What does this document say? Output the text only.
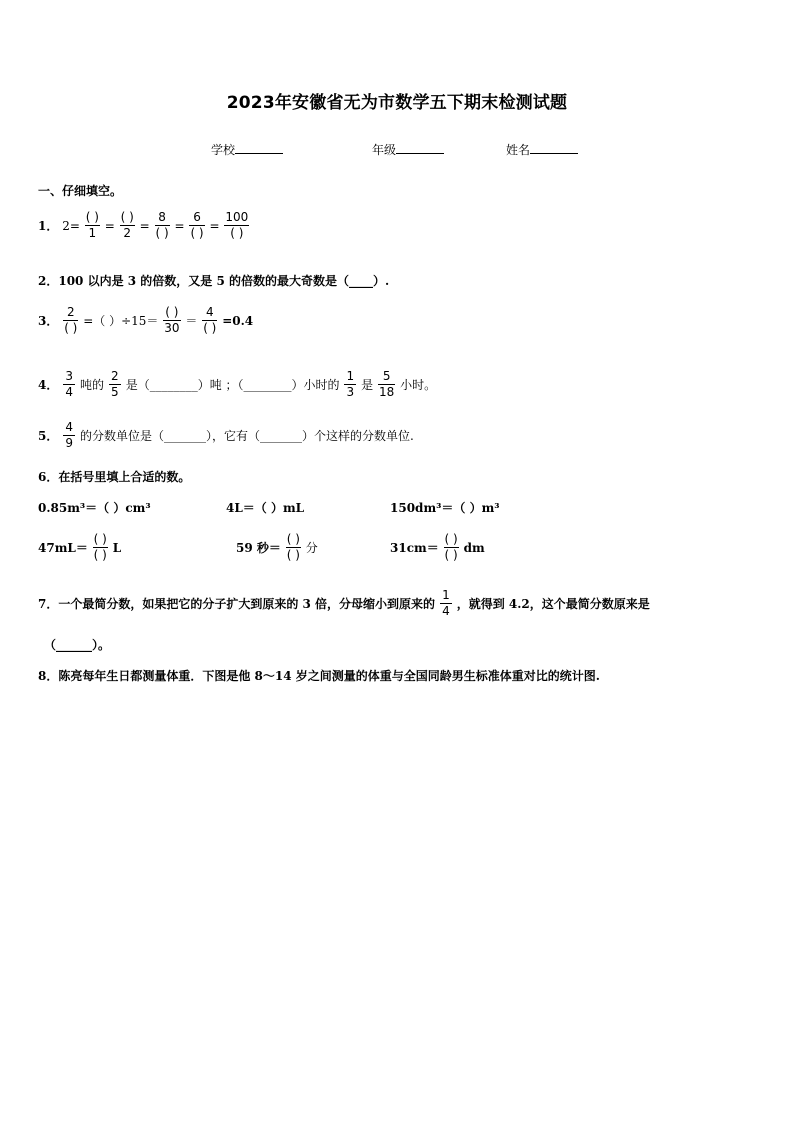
2023年安徽省无为市数学五下期末检测试题
学校	年级	姓名
一、仔细填空。
1． $2= \frac{( )}{1} = \frac{( )}{2} = \frac{8}{( )} = \frac{6}{( )} = \frac{100}{( )}$
2．100 以内是 3 的倍数，又是 5 的倍数的最大奇数是（____）.
3． $\frac{2}{( )}$ =（ ）$\div 15= \frac{( )}{30} = \frac{4}{( )} =0.4$
4． $\frac{3}{4}$ 吨的 $\frac{2}{5}$ 是（________）吨 ；（________）小时的 $\frac{1}{3}$ 是 $\frac{5}{18}$ 小时。
5． $\frac{4}{9}$ 的分数单位是（_______），它有（_______）个这样的分数单位.
6．在括号里填上合适的数。
0.85m³＝（ ）cm³	4L＝（ ）mL	150dm³＝（ ）m³
$47mL= \frac{( )}{( )}$ L	59 秒＝ $\frac{( )}{( )}$ 分	$31cm= \frac{( )}{( )}$ dm
7．一个最简分数，如果把它的分子扩大到原来的 3 倍，分母缩小到原来的 $\frac{1}{4}$ ，就得到 4.2，这个最简分数原来是
（______）。
8．陈亮每年生日都测量体重．下图是他 8～14 岁之间测量的体重与全国同龄男生标准体重对比的统计图.
